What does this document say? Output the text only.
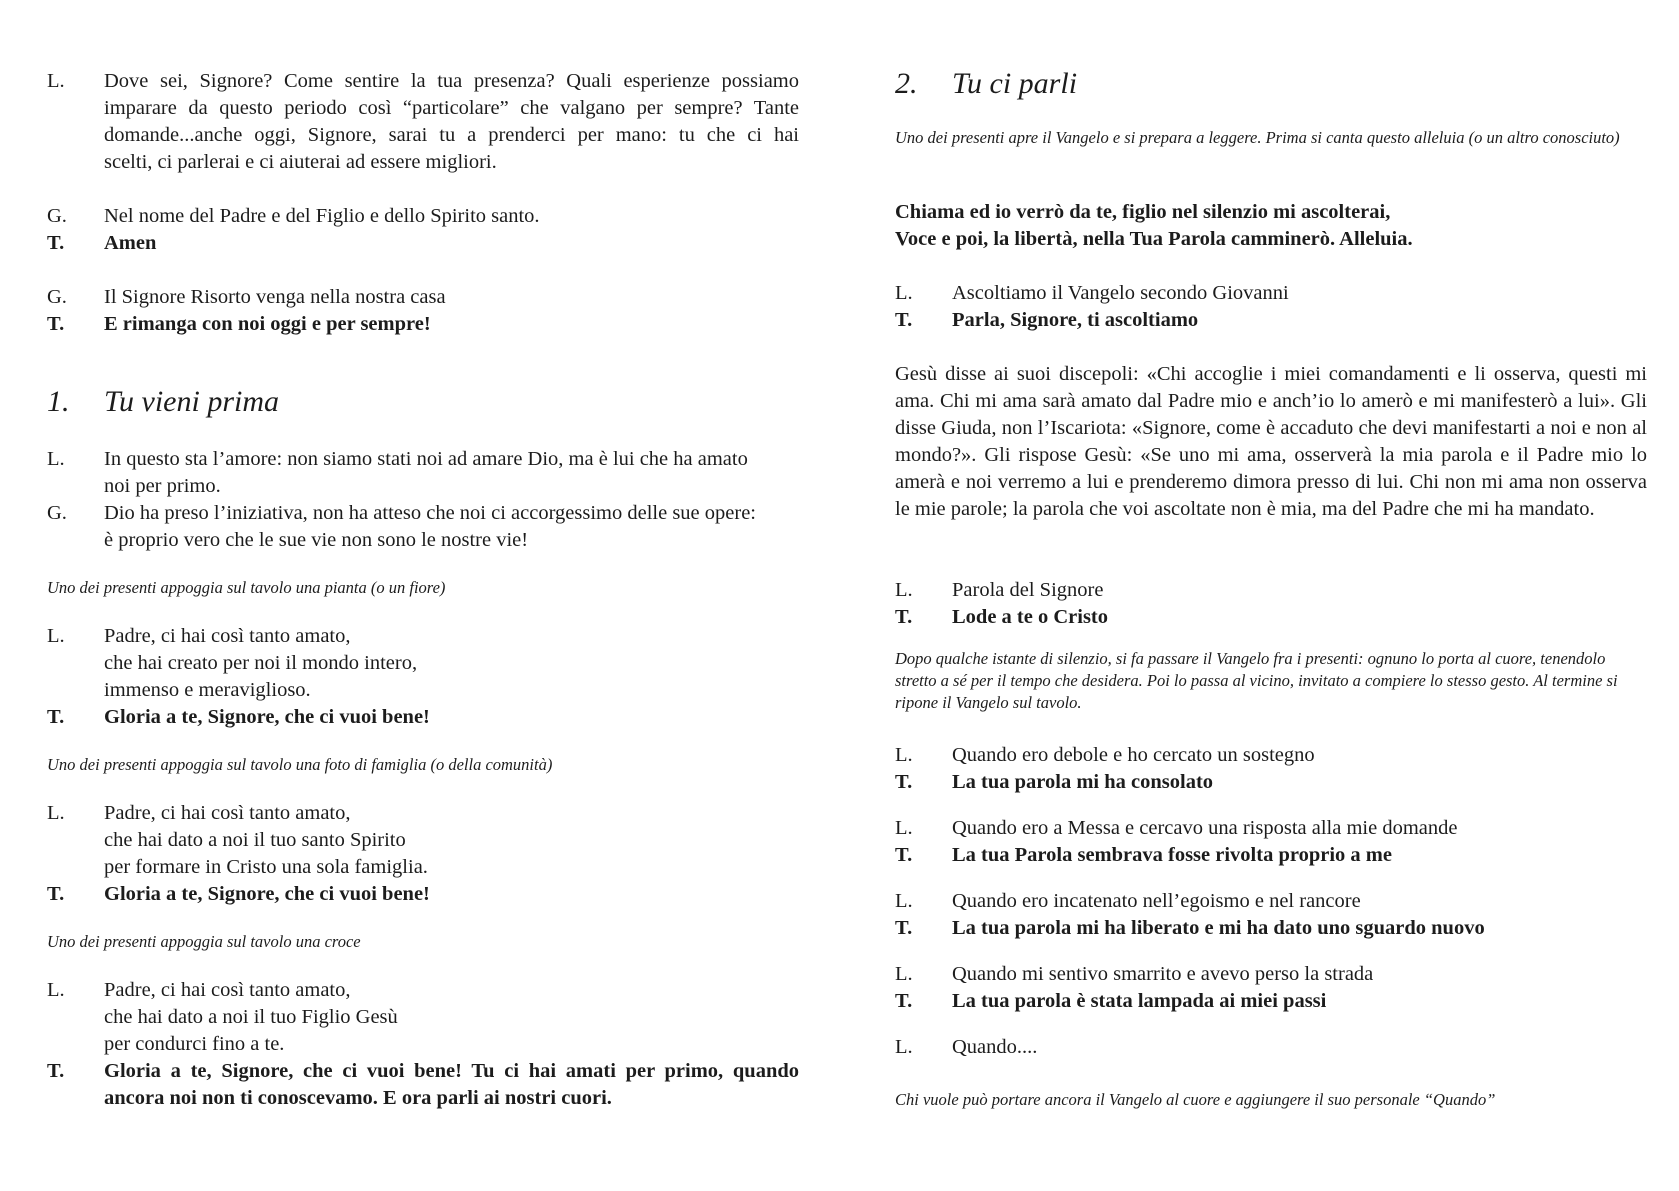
L. Dove sei, Signore? Come sentire la tua presenza? Quali esperienze possiamo
imparare da questo periodo così “particolare” che valgano per sempre? Tante
domande...anche oggi, Signore, sarai tu a prenderci per mano: tu che ci hai
scelti, ci parlerai e ci aiuterai ad essere migliori.
G. Nel nome del Padre e del Figlio e dello Spirito santo.
T. Amen
G. Il Signore Risorto venga nella nostra casa
T. E rimanga con noi oggi e per sempre!
1. Tu vieni prima
L. In questo sta l’amore: non siamo stati noi ad amare Dio, ma è lui che ha amato
noi per primo.
G. Dio ha preso l’iniziativa, non ha atteso che noi ci accorgessimo delle sue opere:
è proprio vero che le sue vie non sono le nostre vie!
Uno dei presenti appoggia sul tavolo una pianta (o un fiore)
L. Padre, ci hai così tanto amato,
che hai creato per noi il mondo intero,
immenso e meraviglioso.
T. Gloria a te, Signore, che ci vuoi bene!
Uno dei presenti appoggia sul tavolo una foto di famiglia (o della comunità)
L. Padre, ci hai così tanto amato,
che hai dato a noi il tuo santo Spirito
per formare in Cristo una sola famiglia.
T. Gloria a te, Signore, che ci vuoi bene!
Uno dei presenti appoggia sul tavolo una croce
L. Padre, ci hai così tanto amato,
che hai dato a noi il tuo Figlio Gesù
per condurci fino a te.
T. Gloria a te, Signore, che ci vuoi bene! Tu ci hai amati per primo, quando
ancora noi non ti conoscevamo. E ora parli ai nostri cuori.
2. Tu ci parli
Uno dei presenti apre il Vangelo e si prepara a leggere. Prima si canta questo alleluia (o un altro conosciuto)
Chiama ed io verrò da te, figlio nel silenzio mi ascolterai,
Voce e poi, la libertà, nella Tua Parola camminerò. Alleluia.
L. Ascoltiamo il Vangelo secondo Giovanni
T. Parla, Signore, ti ascoltiamo
Gesù disse ai suoi discepoli: «Chi accoglie i miei comandamenti e li osserva, questi mi ama. Chi mi ama sarà amato dal Padre mio e anch’io lo amerò e mi manifesterò a lui». Gli disse Giuda, non l’Iscariota: «Signore, come è accaduto che devi manifestarti a noi e non al mondo?». Gli rispose Gesù: «Se uno mi ama, osserverà la mia parola e il Padre mio lo amerà e noi verremo a lui e prenderemo dimora presso di lui. Chi non mi ama non osserva le mie parole; la parola che voi ascoltate non è mia, ma del Padre che mi ha mandato.
L. Parola del Signore
T. Lode a te o Cristo
Dopo qualche istante di silenzio, si fa passare il Vangelo fra i presenti: ognuno lo porta al cuore, tenendolo stretto a sé per il tempo che desidera. Poi lo passa al vicino, invitato a compiere lo stesso gesto. Al termine si ripone il Vangelo sul tavolo.
L. Quando ero debole e ho cercato un sostegno
T. La tua parola mi ha consolato
L. Quando ero a Messa e cercavo una risposta alla mie domande
T. La tua Parola sembrava fosse rivolta proprio a me
L. Quando ero incatenato nell’egoismo e nel rancore
T. La tua parola mi ha liberato e mi ha dato uno sguardo nuovo
L. Quando mi sentivo smarrito e avevo perso la strada
T. La tua parola è stata lampada ai miei passi
L. Quando....
Chi vuole può portare ancora il Vangelo al cuore e aggiungere il suo personale “Quando”
